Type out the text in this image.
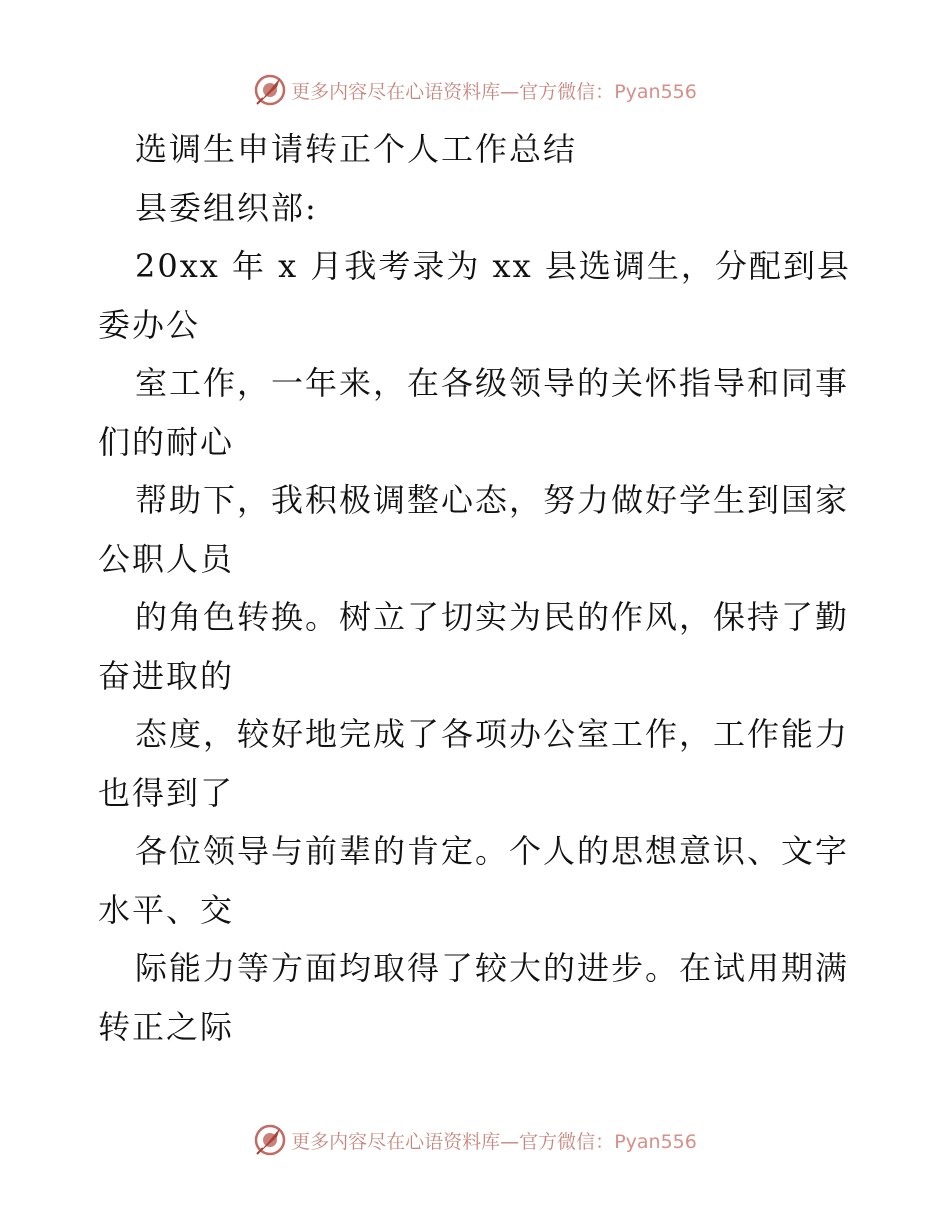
更多内容尽在心语资料库—官方微信：Pyan556
选调生申请转正个人工作总结
县委组织部:
20xx 年 x 月我考录为 xx 县选调生，分配到县
委办公
室工作，一年来，在各级领导的关怀指导和同事
们的耐心
帮助下，我积极调整心态，努力做好学生到国家
公职人员
的角色转换。树立了切实为民的作风，保持了勤
奋进取的
态度，较好地完成了各项办公室工作，工作能力
也得到了
各位领导与前辈的肯定。个人的思想意识、文字
水平、交
际能力等方面均取得了较大的进步。在试用期满
转正之际
更多内容尽在心语资料库—官方微信：Pyan556
